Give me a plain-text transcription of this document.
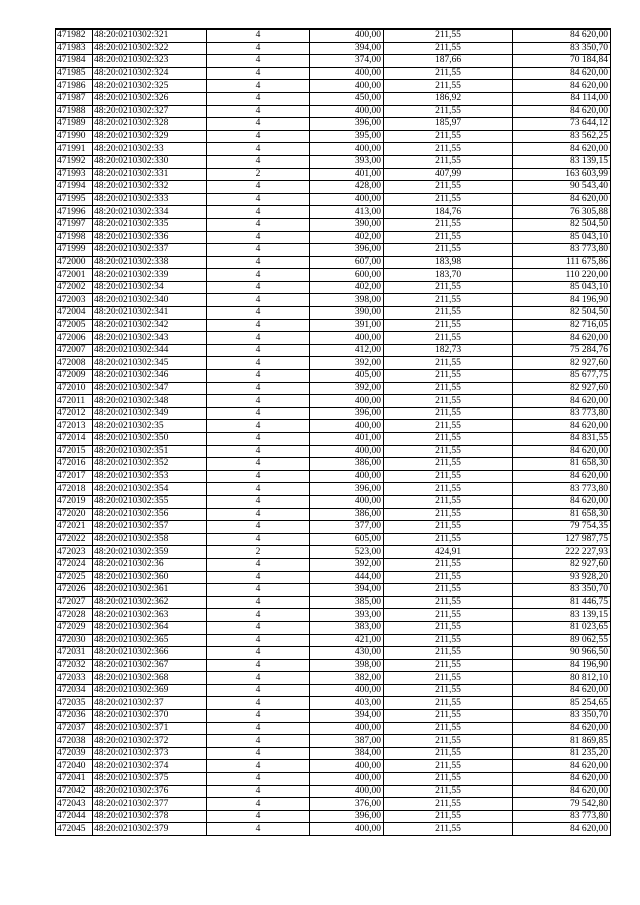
471982	48:20:0210302:321	4	400,00	211,55	84 620,00
471983	48:20:0210302:322	4	394,00	211,55	83 350,70
471984	48:20:0210302:323	4	374,00	187,66	70 184,84
471985	48:20:0210302:324	4	400,00	211,55	84 620,00
471986	48:20:0210302:325	4	400,00	211,55	84 620,00
471987	48:20:0210302:326	4	450,00	186,92	84 114,00
471988	48:20:0210302:327	4	400,00	211,55	84 620,00
471989	48:20:0210302:328	4	396,00	185,97	73 644,12
471990	48:20:0210302:329	4	395,00	211,55	83 562,25
471991	48:20:0210302:33	4	400,00	211,55	84 620,00
471992	48:20:0210302:330	4	393,00	211,55	83 139,15
471993	48:20:0210302:331	2	401,00	407,99	163 603,99
471994	48:20:0210302:332	4	428,00	211,55	90 543,40
471995	48:20:0210302:333	4	400,00	211,55	84 620,00
471996	48:20:0210302:334	4	413,00	184,76	76 305,88
471997	48:20:0210302:335	4	390,00	211,55	82 504,50
471998	48:20:0210302:336	4	402,00	211,55	85 043,10
471999	48:20:0210302:337	4	396,00	211,55	83 773,80
472000	48:20:0210302:338	4	607,00	183,98	111 675,86
472001	48:20:0210302:339	4	600,00	183,70	110 220,00
472002	48:20:0210302:34	4	402,00	211,55	85 043,10
472003	48:20:0210302:340	4	398,00	211,55	84 196,90
472004	48:20:0210302:341	4	390,00	211,55	82 504,50
472005	48:20:0210302:342	4	391,00	211,55	82 716,05
472006	48:20:0210302:343	4	400,00	211,55	84 620,00
472007	48:20:0210302:344	4	412,00	182,73	75 284,76
472008	48:20:0210302:345	4	392,00	211,55	82 927,60
472009	48:20:0210302:346	4	405,00	211,55	85 677,75
472010	48:20:0210302:347	4	392,00	211,55	82 927,60
472011	48:20:0210302:348	4	400,00	211,55	84 620,00
472012	48:20:0210302:349	4	396,00	211,55	83 773,80
472013	48:20:0210302:35	4	400,00	211,55	84 620,00
472014	48:20:0210302:350	4	401,00	211,55	84 831,55
472015	48:20:0210302:351	4	400,00	211,55	84 620,00
472016	48:20:0210302:352	4	386,00	211,55	81 658,30
472017	48:20:0210302:353	4	400,00	211,55	84 620,00
472018	48:20:0210302:354	4	396,00	211,55	83 773,80
472019	48:20:0210302:355	4	400,00	211,55	84 620,00
472020	48:20:0210302:356	4	386,00	211,55	81 658,30
472021	48:20:0210302:357	4	377,00	211,55	79 754,35
472022	48:20:0210302:358	4	605,00	211,55	127 987,75
472023	48:20:0210302:359	2	523,00	424,91	222 227,93
472024	48:20:0210302:36	4	392,00	211,55	82 927,60
472025	48:20:0210302:360	4	444,00	211,55	93 928,20
472026	48:20:0210302:361	4	394,00	211,55	83 350,70
472027	48:20:0210302:362	4	385,00	211,55	81 446,75
472028	48:20:0210302:363	4	393,00	211,55	83 139,15
472029	48:20:0210302:364	4	383,00	211,55	81 023,65
472030	48:20:0210302:365	4	421,00	211,55	89 062,55
472031	48:20:0210302:366	4	430,00	211,55	90 966,50
472032	48:20:0210302:367	4	398,00	211,55	84 196,90
472033	48:20:0210302:368	4	382,00	211,55	80 812,10
472034	48:20:0210302:369	4	400,00	211,55	84 620,00
472035	48:20:0210302:37	4	403,00	211,55	85 254,65
472036	48:20:0210302:370	4	394,00	211,55	83 350,70
472037	48:20:0210302:371	4	400,00	211,55	84 620,00
472038	48:20:0210302:372	4	387,00	211,55	81 869,85
472039	48:20:0210302:373	4	384,00	211,55	81 235,20
472040	48:20:0210302:374	4	400,00	211,55	84 620,00
472041	48:20:0210302:375	4	400,00	211,55	84 620,00
472042	48:20:0210302:376	4	400,00	211,55	84 620,00
472043	48:20:0210302:377	4	376,00	211,55	79 542,80
472044	48:20:0210302:378	4	396,00	211,55	83 773,80
472045	48:20:0210302:379	4	400,00	211,55	84 620,00
